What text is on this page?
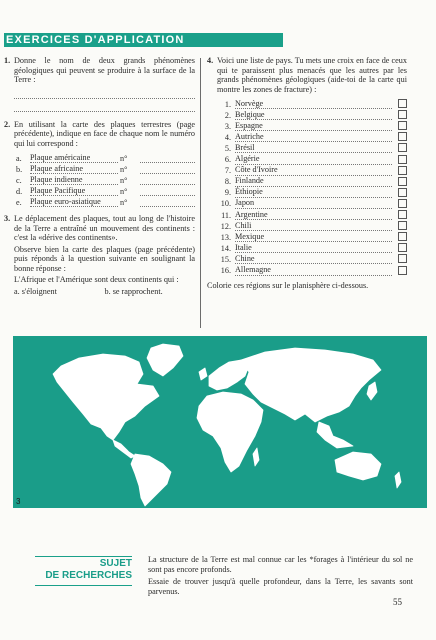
EXERCICES D'APPLICATION
1. Donne le nom de deux grands phénomènes géologiques qui peuvent se produire à la surface de la Terre :
2. En utilisant la carte des plaques terrestres (page précédente), indique en face de chaque nom le numéro qui lui correspond :
a.	Plaque américaine	n°
b. Plaque africaine	n°
c.	Plaque indienne	n°
d. Plaque Pacifique	n°
e.	Plaque euro-asiatique	n°
3. Le déplacement des plaques, tout au long de l'histoire de la Terre a entraîné un mouvement des continents : c'est la «dérive des continents».
Observe bien la carte des plaques (page précédente) puis réponds à la question suivante en soulignant la bonne réponse :
L'Afrique et l'Amérique sont deux continents qui :
a. s'éloignent	b. se rapprochent.
4. Voici une liste de pays. Tu mets une croix en face de ceux qui te paraissent plus menacés que les autres par les grands phénomènes géologiques (aide-toi de la carte qui montre les zones de fracture) :
1. Norvège
2. Belgique
3. Espagne
4. Autriche
5. Brésil
6. Algérie
7. Côte d'Ivoire
8. Finlande
9. Éthiopie
10. Japon
11. Argentine
12. Chili
13. Mexique
14. Italie
15. Chine
16. Allemagne
Colorie ces régions sur le planisphère ci-dessous.
3
SUJET
DE RECHERCHES

La structure de la Terre est mal connue car les *forages à l'intérieur du sol ne sont pas encore profonds.

Essaie de trouver jusqu'à quelle profondeur, dans la Terre, les savants sont parvenus.

55
